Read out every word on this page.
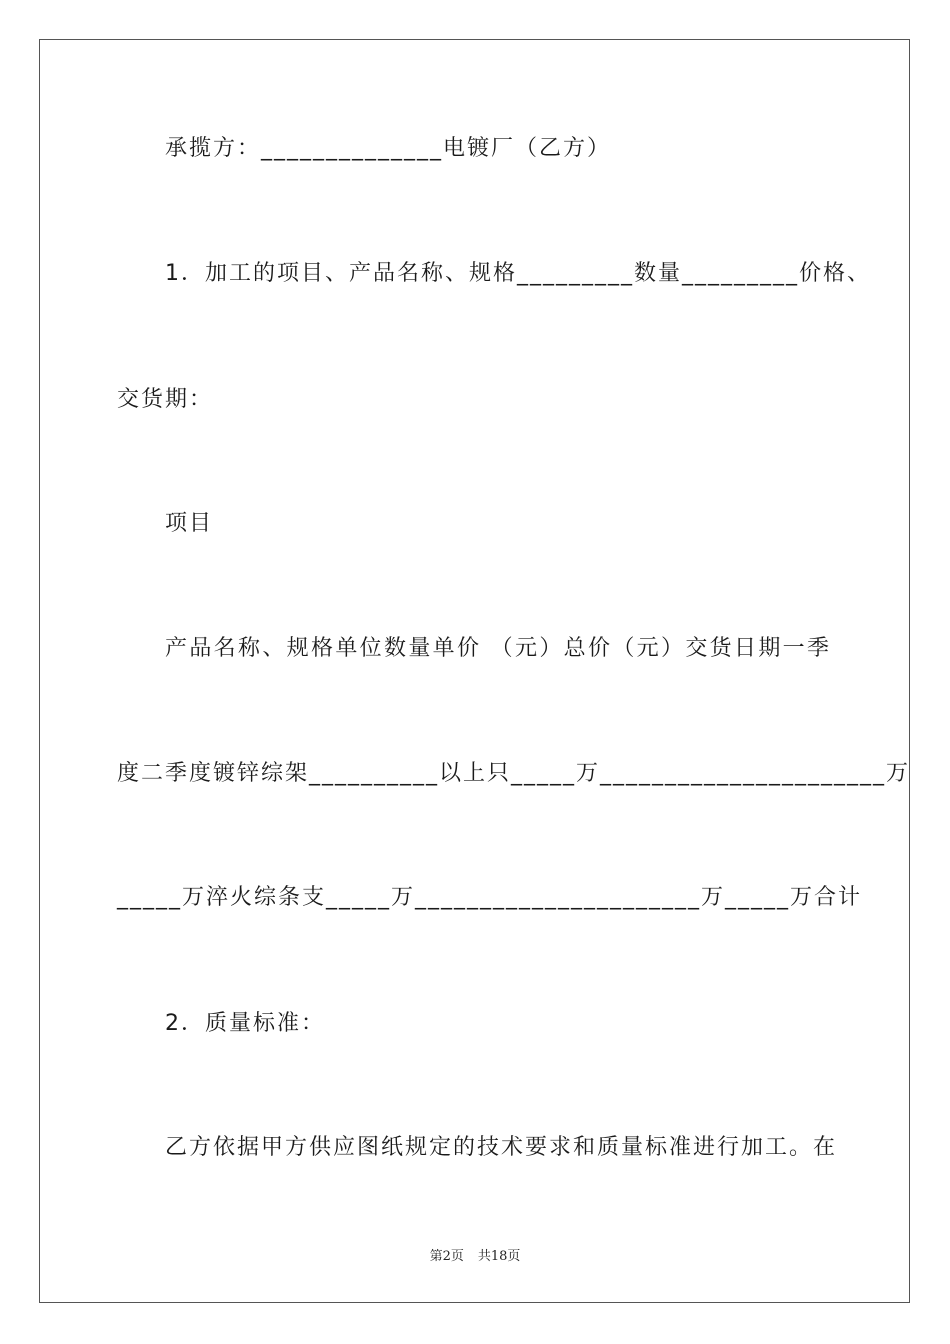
承揽方：______________电镀厂（乙方）
1．加工的项目、产品名称、规格_________数量_________价格、
交货期：
项目
产品名称、规格单位数量单价 （元）总价（元）交货日期一季
度二季度镀锌综架__________以上只_____万______________________万
_____万淬火综条支_____万______________________万_____万合计
2．质量标准：
乙方依据甲方供应图纸规定的技术要求和质量标准进行加工。在
第2页 共18页
